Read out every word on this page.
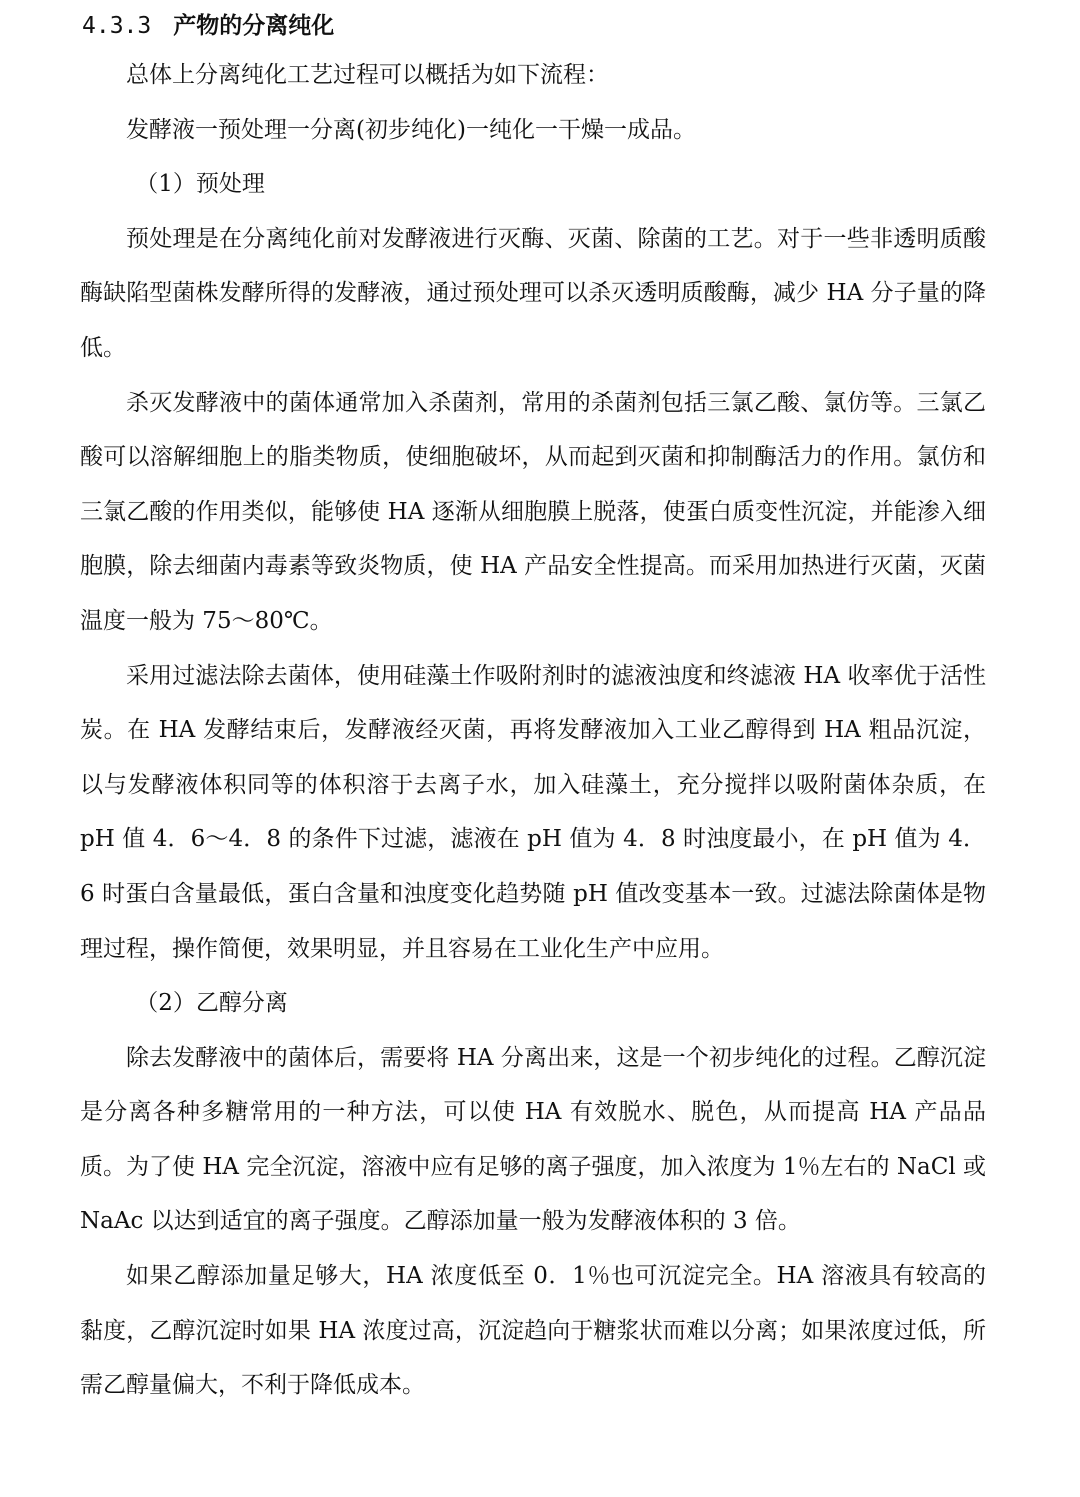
4.3.3 产物的分离纯化

总体上分离纯化工艺过程可以概括为如下流程：

发酵液一预处理一分离(初步纯化)一纯化一干燥一成品。

（1）预处理

预处理是在分离纯化前对发酵液进行灭酶、灭菌、除菌的工艺。对于一些非透明质酸酶缺陷型菌株发酵所得的发酵液，通过预处理可以杀灭透明质酸酶，减少 HA 分子量的降低。

杀灭发酵液中的菌体通常加入杀菌剂，常用的杀菌剂包括三氯乙酸、氯仿等。三氯乙酸可以溶解细胞上的脂类物质，使细胞破坏，从而起到灭菌和抑制酶活力的作用。氯仿和三氯乙酸的作用类似，能够使 HA 逐渐从细胞膜上脱落，使蛋白质变性沉淀，并能渗入细胞膜，除去细菌内毒素等致炎物质，使 HA 产品安全性提高。而采用加热进行灭菌，灭菌温度一般为 75～80℃。

采用过滤法除去菌体，使用硅藻土作吸附剂时的滤液浊度和终滤液 HA 收率优于活性炭。在 HA 发酵结束后，发酵液经灭菌，再将发酵液加入工业乙醇得到 HA 粗品沉淀，以与发酵液体积同等的体积溶于去离子水，加入硅藻土，充分搅拌以吸附菌体杂质，在 pH 值 4．6～4．8 的条件下过滤，滤液在 pH 值为 4．8 时浊度最小，在 pH 值为 4．6 时蛋白含量最低，蛋白含量和浊度变化趋势随 pH 值改变基本一致。过滤法除菌体是物理过程，操作简便，效果明显，并且容易在工业化生产中应用。

（2）乙醇分离

除去发酵液中的菌体后，需要将 HA 分离出来，这是一个初步纯化的过程。乙醇沉淀是分离各种多糖常用的一种方法，可以使 HA 有效脱水、脱色，从而提高 HA 产品品质。为了使 HA 完全沉淀，溶液中应有足够的离子强度，加入浓度为 1％左右的 NaCl 或 NaAc 以达到适宜的离子强度。乙醇添加量一般为发酵液体积的 3 倍。

如果乙醇添加量足够大，HA 浓度低至 0．1％也可沉淀完全。HA 溶液具有较高的黏度，乙醇沉淀时如果 HA 浓度过高，沉淀趋向于糖浆状而难以分离；如果浓度过低，所需乙醇量偏大，不利于降低成本。
